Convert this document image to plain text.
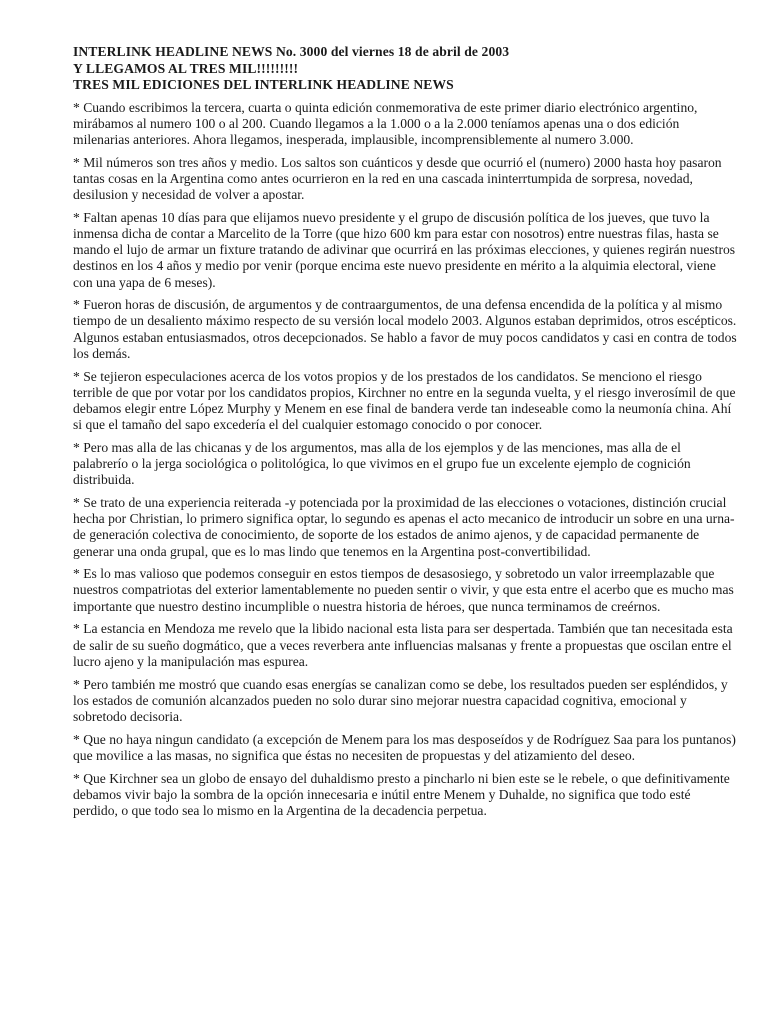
INTERLINK HEADLINE NEWS No. 3000 del viernes 18 de abril de 2003

Y LLEGAMOS AL TRES MIL!!!!!!!!!

TRES MIL EDICIONES DEL INTERLINK HEADLINE NEWS

* Cuando escribimos la tercera, cuarta o quinta edición conmemorativa de este primer diario electrónico argentino, mirábamos al numero 100 o al 200. Cuando llegamos a la 1.000 o a la 2.000 teníamos apenas una o dos edición milenarias anteriores. Ahora llegamos, inesperada, implausible, incomprensiblemente al numero 3.000.

* Mil números son tres años y medio. Los saltos son cuánticos y desde que ocurrió el (numero) 2000 hasta hoy pasaron tantas cosas en la Argentina como antes ocurrieron en la red en una cascada ininterrtumpida de sorpresa, novedad, desilusion y necesidad de volver a apostar.

* Faltan apenas 10 días para que elijamos nuevo presidente y el grupo de discusión política de los jueves, que tuvo la inmensa dicha de contar a Marcelito de la Torre (que hizo 600 km para estar con nosotros) entre nuestras filas, hasta se mando el lujo de armar un fixture tratando de adivinar que ocurrirá en las próximas elecciones, y quienes regirán nuestros destinos en los 4 años y medio por venir (porque encima este nuevo presidente en mérito a la alquimia electoral, viene con una yapa de 6 meses).

* Fueron horas de discusión, de argumentos y de contraargumentos, de una defensa encendida de la política y al mismo tiempo de un desaliento máximo respecto de su versión local modelo 2003. Algunos estaban deprimidos, otros escépticos. Algunos estaban entusiasmados, otros decepcionados. Se hablo a favor de muy pocos candidatos y casi en contra de todos los demás.

* Se tejieron especulaciones acerca de los votos propios y de los prestados de los candidatos. Se menciono el riesgo terrible de que por votar por los candidatos propios, Kirchner no entre en la segunda vuelta, y el riesgo inverosímil de que debamos elegir entre López Murphy y Menem en ese final de bandera verde tan indeseable como la neumonía china. Ahí si que el tamaño del sapo excedería el del cualquier estomago conocido o por conocer.

* Pero mas alla de las chicanas y de los argumentos, mas alla de los ejemplos y de las menciones, mas alla de el palabrerío o la jerga sociológica o politológica, lo que vivimos en el grupo fue un excelente ejemplo de cognición distribuida.

* Se trato de una experiencia reiterada -y potenciada por la proximidad de las elecciones o votaciones, distinción crucial hecha por Christian, lo primero significa optar, lo segundo es apenas el acto mecanico de introducir un sobre en una urna- de generación colectiva de conocimiento, de soporte de los estados de animo ajenos, y de capacidad permanente de generar una onda grupal, que es lo mas lindo que tenemos en la Argentina post-convertibilidad.

* Es lo mas valioso que podemos conseguir en estos tiempos de desasosiego, y sobretodo un valor irreemplazable que nuestros compatriotas del exterior lamentablemente no pueden sentir o vivir, y que esta entre el acerbo que es mucho mas importante que nuestro destino incumplible o nuestra historia de héroes, que nunca terminamos de creérnos.

* La estancia en Mendoza me revelo que la libido nacional esta lista para ser despertada. También que tan necesitada esta de salir de su sueño dogmático, que a veces reverbera ante influencias malsanas y frente a propuestas que oscilan entre el lucro ajeno y la manipulación mas espurea.

* Pero también me mostró que cuando esas energías se canalizan como se debe, los resultados pueden ser espléndidos, y los estados de comunión alcanzados pueden no solo durar sino mejorar nuestra capacidad cognitiva, emocional y sobretodo decisoria.

* Que no haya ningun candidato (a excepción de Menem para los mas desposeídos y de Rodríguez Saa para los puntanos) que movilice a las masas, no significa que éstas no necesiten de propuestas y del atizamiento del deseo.

* Que Kirchner sea un globo de ensayo del duhaldismo presto a pincharlo ni bien este se le rebele, o que definitivamente debamos vivir bajo la sombra de la opción innecesaria e inútil entre Menem y Duhalde, no significa que todo esté perdido, o que todo sea lo mismo en la Argentina de la decadencia perpetua.
